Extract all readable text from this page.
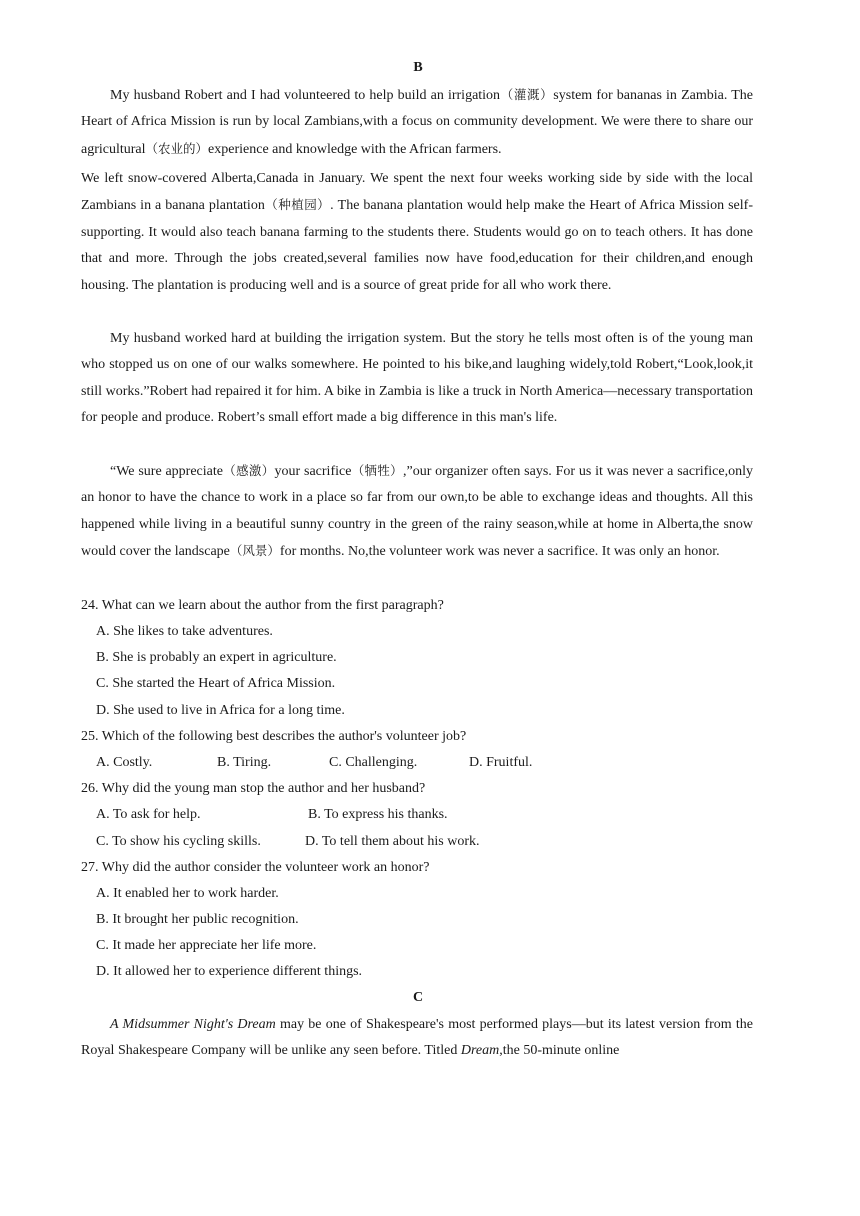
B

My husband Robert and I had volunteered to help build an irrigation（灌溉）system for bananas in Zambia. The Heart of Africa Mission is run by local Zambians,with a focus on community development. We were there to share our agricultural（农业的）experience and knowledge with the African farmers.

We left snow-covered Alberta,Canada in January. We spent the next four weeks working side by side with the local Zambians in a banana plantation（种植园）. The banana plantation would help make the Heart of Africa Mission self-supporting. It would also teach banana farming to the students there. Students would go on to teach others. It has done that and more. Through the jobs created,several families now have food,education for their children,and enough housing. The plantation is producing well and is a source of great pride for all who work there.

My husband worked hard at building the irrigation system. But the story he tells most often is of the young man who stopped us on one of our walks somewhere. He pointed to his bike,and laughing widely,told Robert,“Look,look,it still works.”Robert had repaired it for him. A bike in Zambia is like a truck in North America—necessary transportation for people and produce. Robert’s small effort made a big difference in this man's life.

“We sure appreciate（感激）your sacrifice（牺牲）,”our organizer often says. For us it was never a sacrifice,only an honor to have the chance to work in a place so far from our own,to be able to exchange ideas and thoughts. All this happened while living in a beautiful sunny country in the green of the rainy season,while at home in Alberta,the snow would cover the landscape（风景）for months. No,the volunteer work was never a sacrifice. It was only an honor.

24. What can we learn about the author from the first paragraph?
A. She likes to take adventures.
B. She is probably an expert in agriculture.
C. She started the Heart of Africa Mission.
D. She used to live in Africa for a long time.
25. Which of the following best describes the author's volunteer job?
A. Costly.	B. Tiring.	C. Challenging.	D. Fruitful.
26. Why did the young man stop the author and her husband?
A. To ask for help.	B. To express his thanks.
C. To show his cycling skills.	D. To tell them about his work.
27. Why did the author consider the volunteer work an honor?
A. It enabled her to work harder.
B. It brought her public recognition.
C. It made her appreciate her life more.
D. It allowed her to experience different things.
C

A Midsummer Night's Dream may be one of Shakespeare's most performed plays—but its latest version from the Royal Shakespeare Company will be unlike any seen before. Titled Dream,the 50-minute online
